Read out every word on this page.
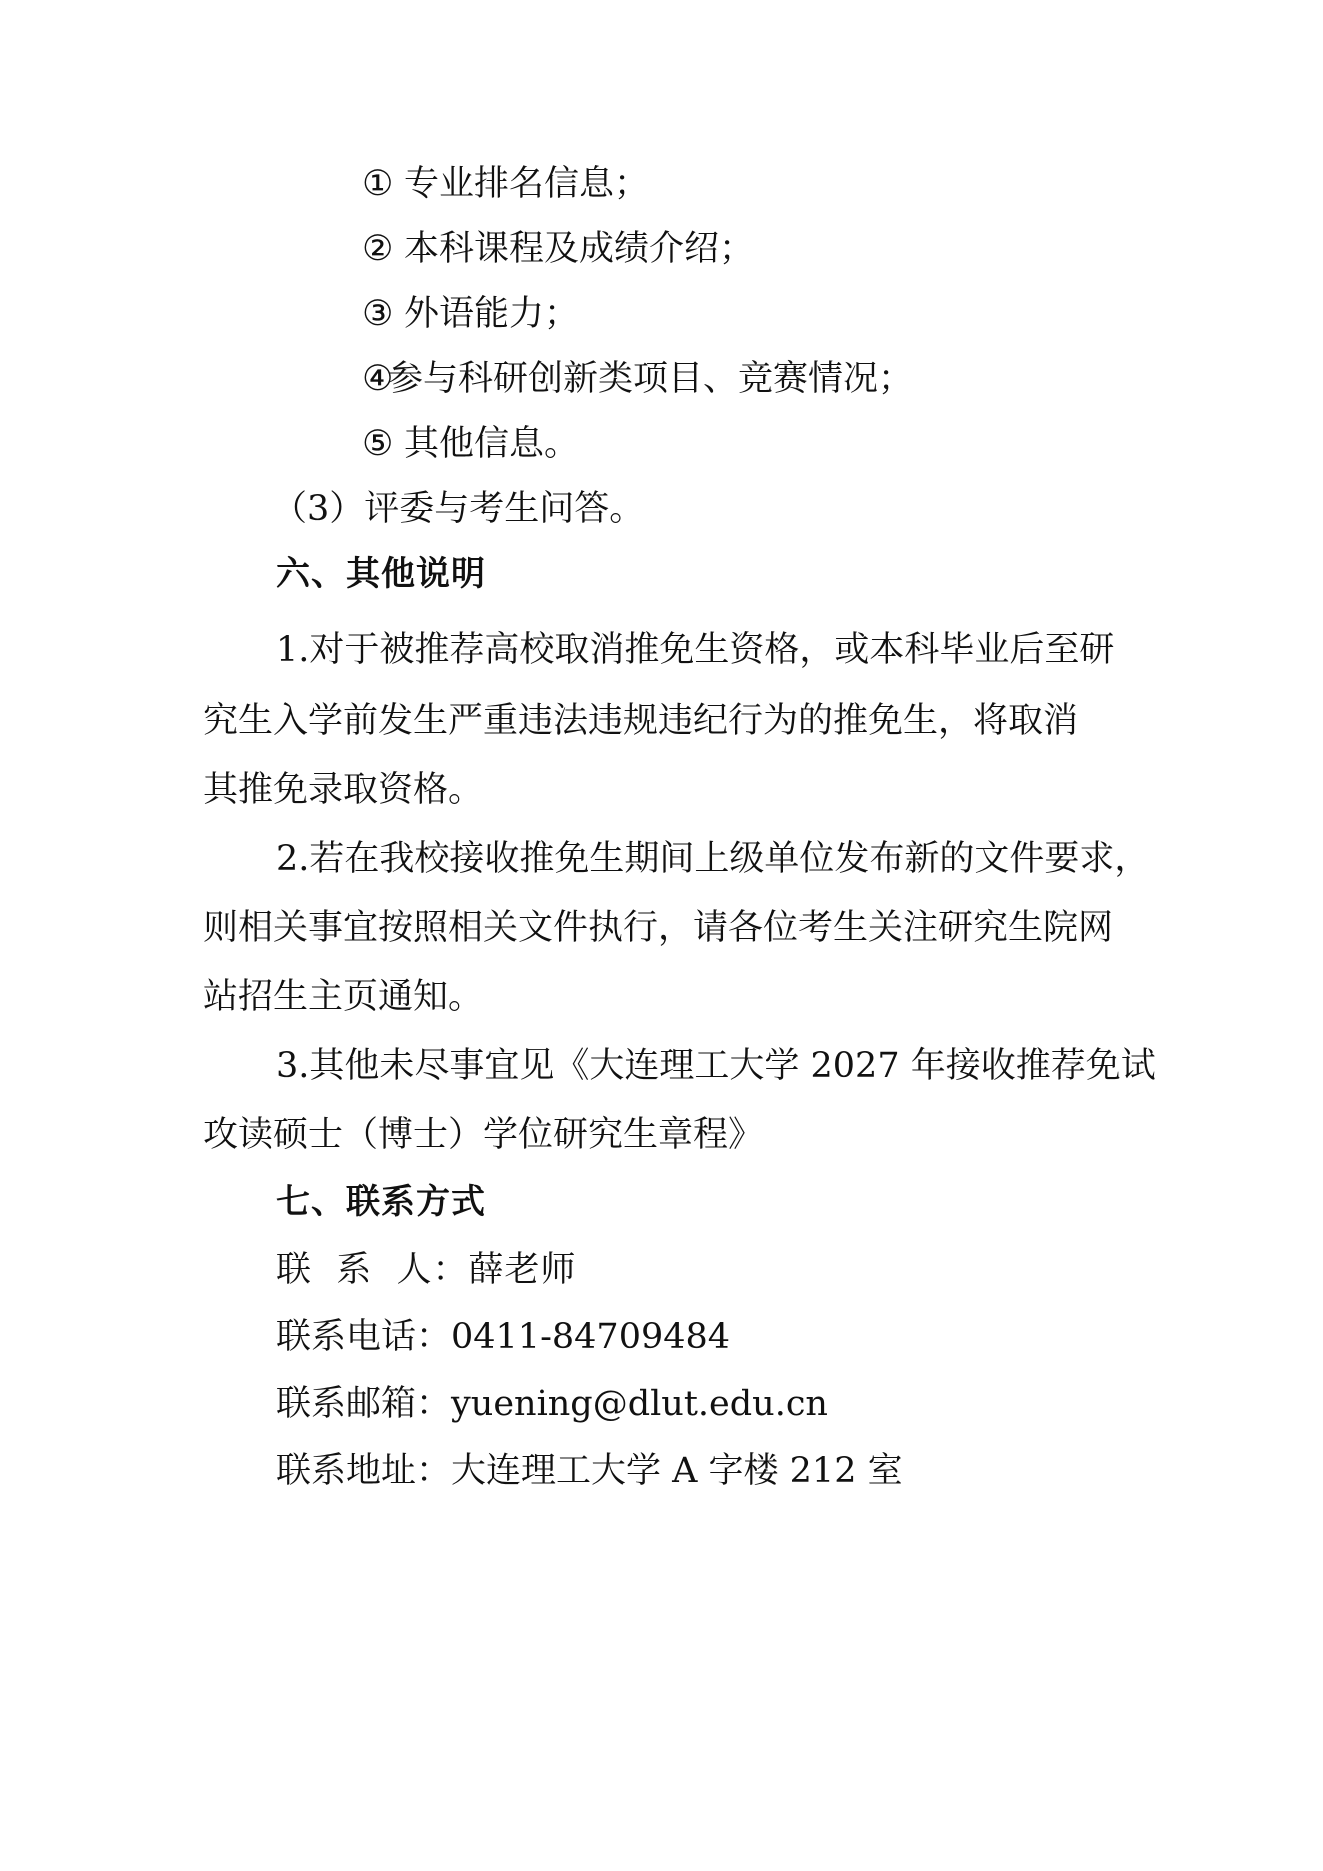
① 专业排名信息；
② 本科课程及成绩介绍；
③ 外语能力；
④参与科研创新类项目、竞赛情况；
⑤ 其他信息。
（3）评委与考生问答。
六、其他说明
1.对于被推荐高校取消推免生资格，或本科毕业后至研
究生入学前发生严重违法违规违纪行为的推免生，将取消
其推免录取资格。
2.若在我校接收推免生期间上级单位发布新的文件要求，
则相关事宜按照相关文件执行，请各位考生关注研究生院网
站招生主页通知。
3.其他未尽事宜见《大连理工大学 2027 年接收推荐免试
攻读硕士（博士）学位研究生章程》
七、联系方式
联  系  人：薛老师
联系电话：0411-84709484
联系邮箱：yuening@dlut.edu.cn
联系地址：大连理工大学 A 字楼 212 室
